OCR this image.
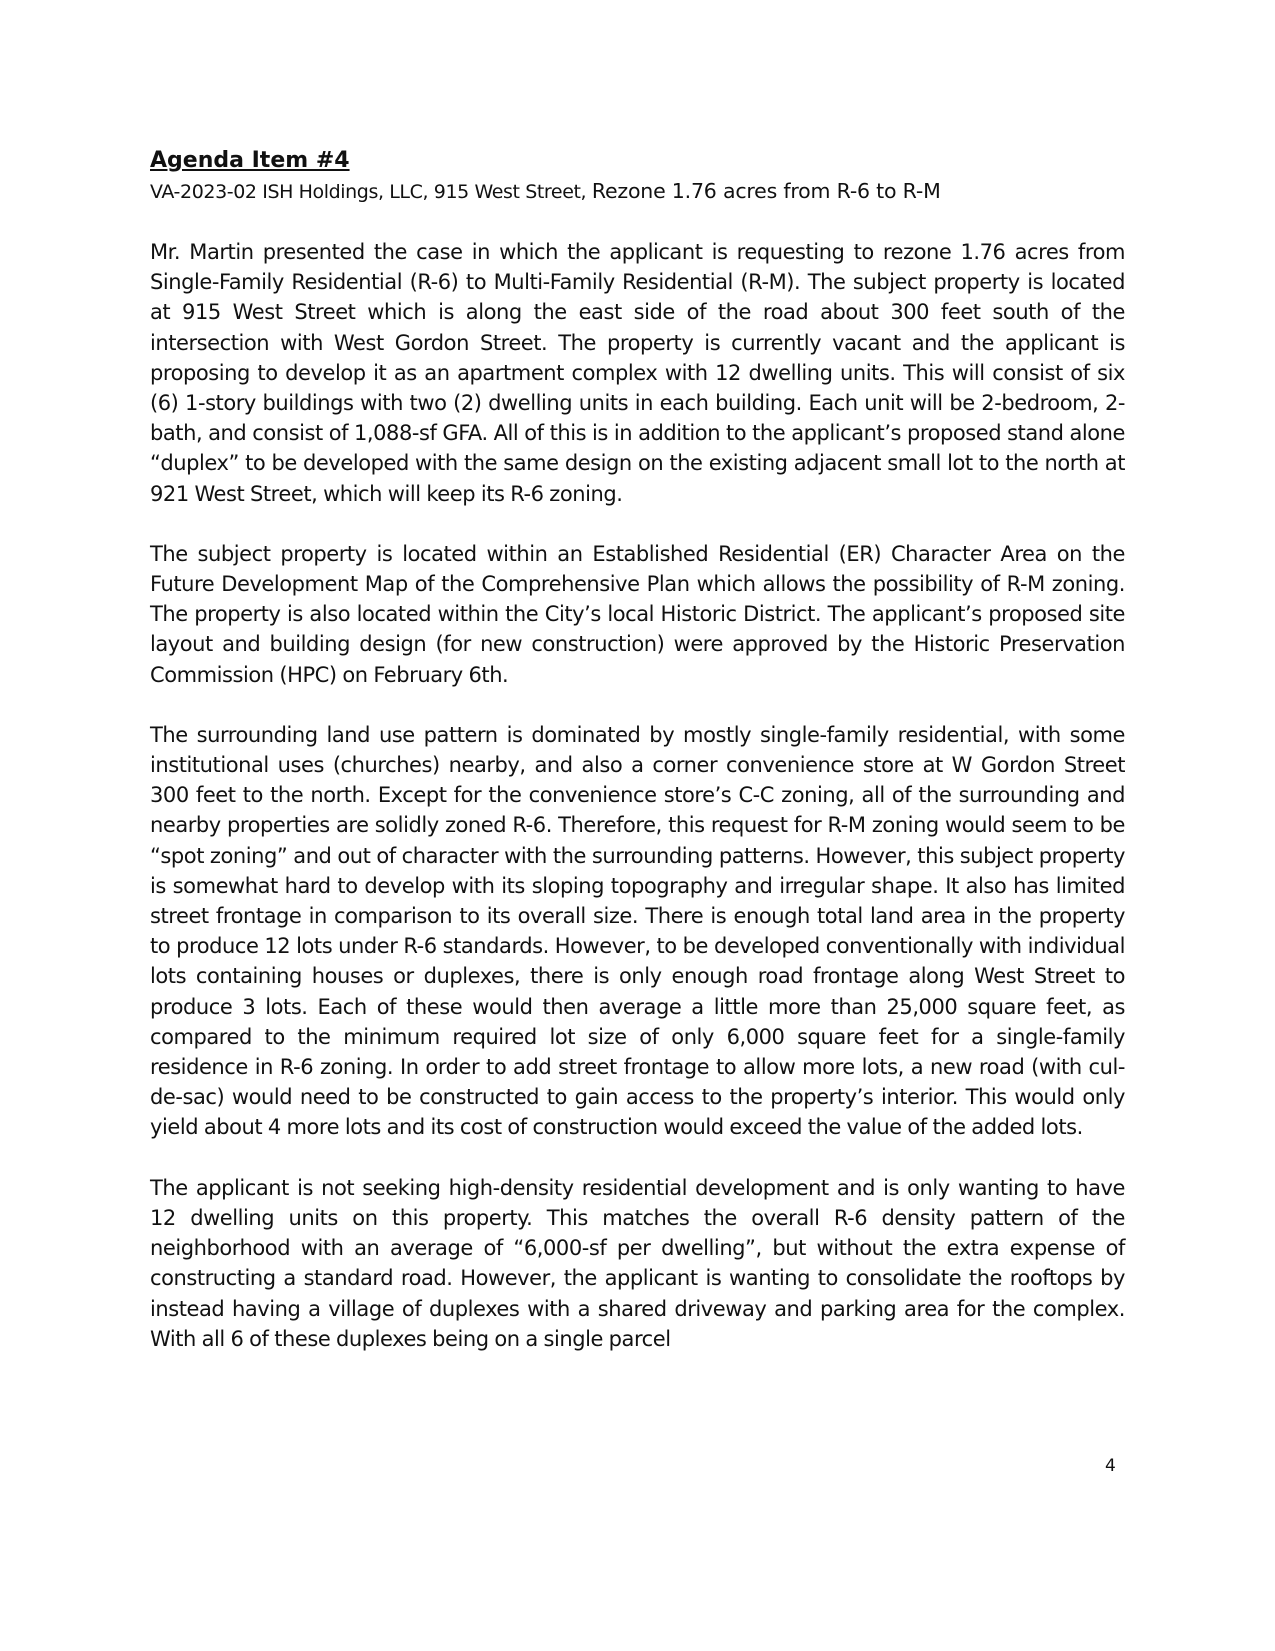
Agenda Item #4

VA-2023-02 ISH Holdings, LLC, 915 West Street, Rezone 1.76 acres from R-6 to R-M

Mr. Martin presented the case in which the applicant is requesting to rezone 1.76 acres from Single-Family Residential (R-6) to Multi-Family Residential (R-M). The subject property is located at 915 West Street which is along the east side of the road about 300 feet south of the intersection with West Gordon Street. The property is currently vacant and the applicant is proposing to develop it as an apartment complex with 12 dwelling units. This will consist of six (6) 1-story buildings with two (2) dwelling units in each building. Each unit will be 2-bedroom, 2-bath, and consist of 1,088-sf GFA. All of this is in addition to the applicant’s proposed stand alone “duplex” to be developed with the same design on the existing adjacent small lot to the north at 921 West Street, which will keep its R-6 zoning.

The subject property is located within an Established Residential (ER) Character Area on the Future Development Map of the Comprehensive Plan which allows the possibility of R-M zoning. The property is also located within the City’s local Historic District. The applicant’s proposed site layout and building design (for new construction) were approved by the Historic Preservation Commission (HPC) on February 6th.

The surrounding land use pattern is dominated by mostly single-family residential, with some institutional uses (churches) nearby, and also a corner convenience store at W Gordon Street 300 feet to the north. Except for the convenience store’s C-C zoning, all of the surrounding and nearby properties are solidly zoned R-6. Therefore, this request for R-M zoning would seem to be “spot zoning” and out of character with the surrounding patterns. However, this subject property is somewhat hard to develop with its sloping topography and irregular shape. It also has limited street frontage in comparison to its overall size. There is enough total land area in the property to produce 12 lots under R-6 standards. However, to be developed conventionally with individual lots containing houses or duplexes, there is only enough road frontage along West Street to produce 3 lots. Each of these would then average a little more than 25,000 square feet, as compared to the minimum required lot size of only 6,000 square feet for a single-family residence in R-6 zoning. In order to add street frontage to allow more lots, a new road (with cul-de-sac) would need to be constructed to gain access to the property’s interior. This would only yield about 4 more lots and its cost of construction would exceed the value of the added lots.

The applicant is not seeking high-density residential development and is only wanting to have 12 dwelling units on this property. This matches the overall R-6 density pattern of the neighborhood with an average of “6,000-sf per dwelling”, but without the extra expense of constructing a standard road. However, the applicant is wanting to consolidate the rooftops by instead having a village of duplexes with a shared driveway and parking area for the complex. With all 6 of these duplexes being on a single parcel

4
